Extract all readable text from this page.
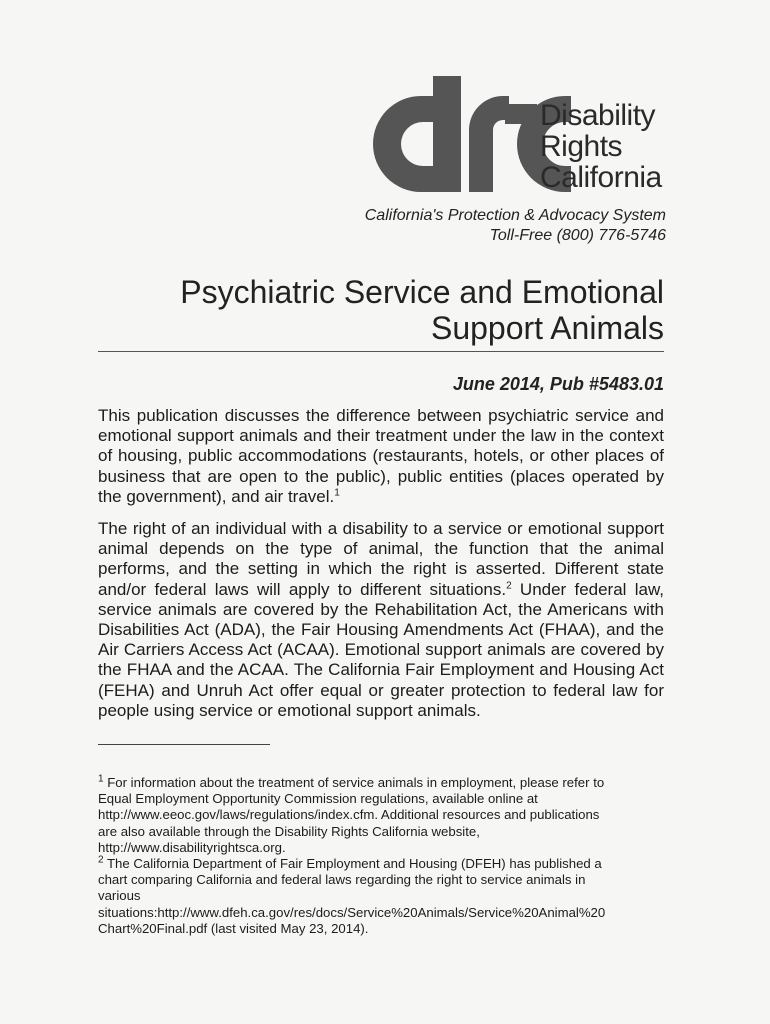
Disability
Rights
California
California's Protection & Advocacy System
Toll-Free (800) 776-5746
Psychiatric Service and Emotional
Support Animals
June 2014, Pub #5483.01

This publication discusses the difference between psychiatric service and emotional support animals and their treatment under the law in the context of housing, public accommodations (restaurants, hotels, or other places of business that are open to the public), public entities (places operated by the government), and air travel.$^1$

The right of an individual with a disability to a service or emotional support animal depends on the type of animal, the function that the animal performs, and the setting in which the right is asserted. Different state and/or federal laws will apply to different situations.$^2$ Under federal law, service animals are covered by the Rehabilitation Act, the Americans with Disabilities Act (ADA), the Fair Housing Amendments Act (FHAA), and the Air Carriers Access Act (ACAA). Emotional support animals are covered by the FHAA and the ACAA. The California Fair Employment and Housing Act (FEHA) and Unruh Act offer equal or greater protection to federal law for people using service or emotional support animals.

$^1$ For information about the treatment of service animals in employment, please refer to
Equal Employment Opportunity Commission regulations, available online at
http://www.eeoc.gov/laws/regulations/index.cfm. Additional resources and publications
are also available through the Disability Rights California website,
http://www.disabilityrightsca.org.

$^2$ The California Department of Fair Employment and Housing (DFEH) has published a
chart comparing California and federal laws regarding the right to service animals in
various
situations:http://www.dfeh.ca.gov/res/docs/Service%20Animals/Service%20Animal%20
Chart%20Final.pdf (last visited May 23, 2014).
